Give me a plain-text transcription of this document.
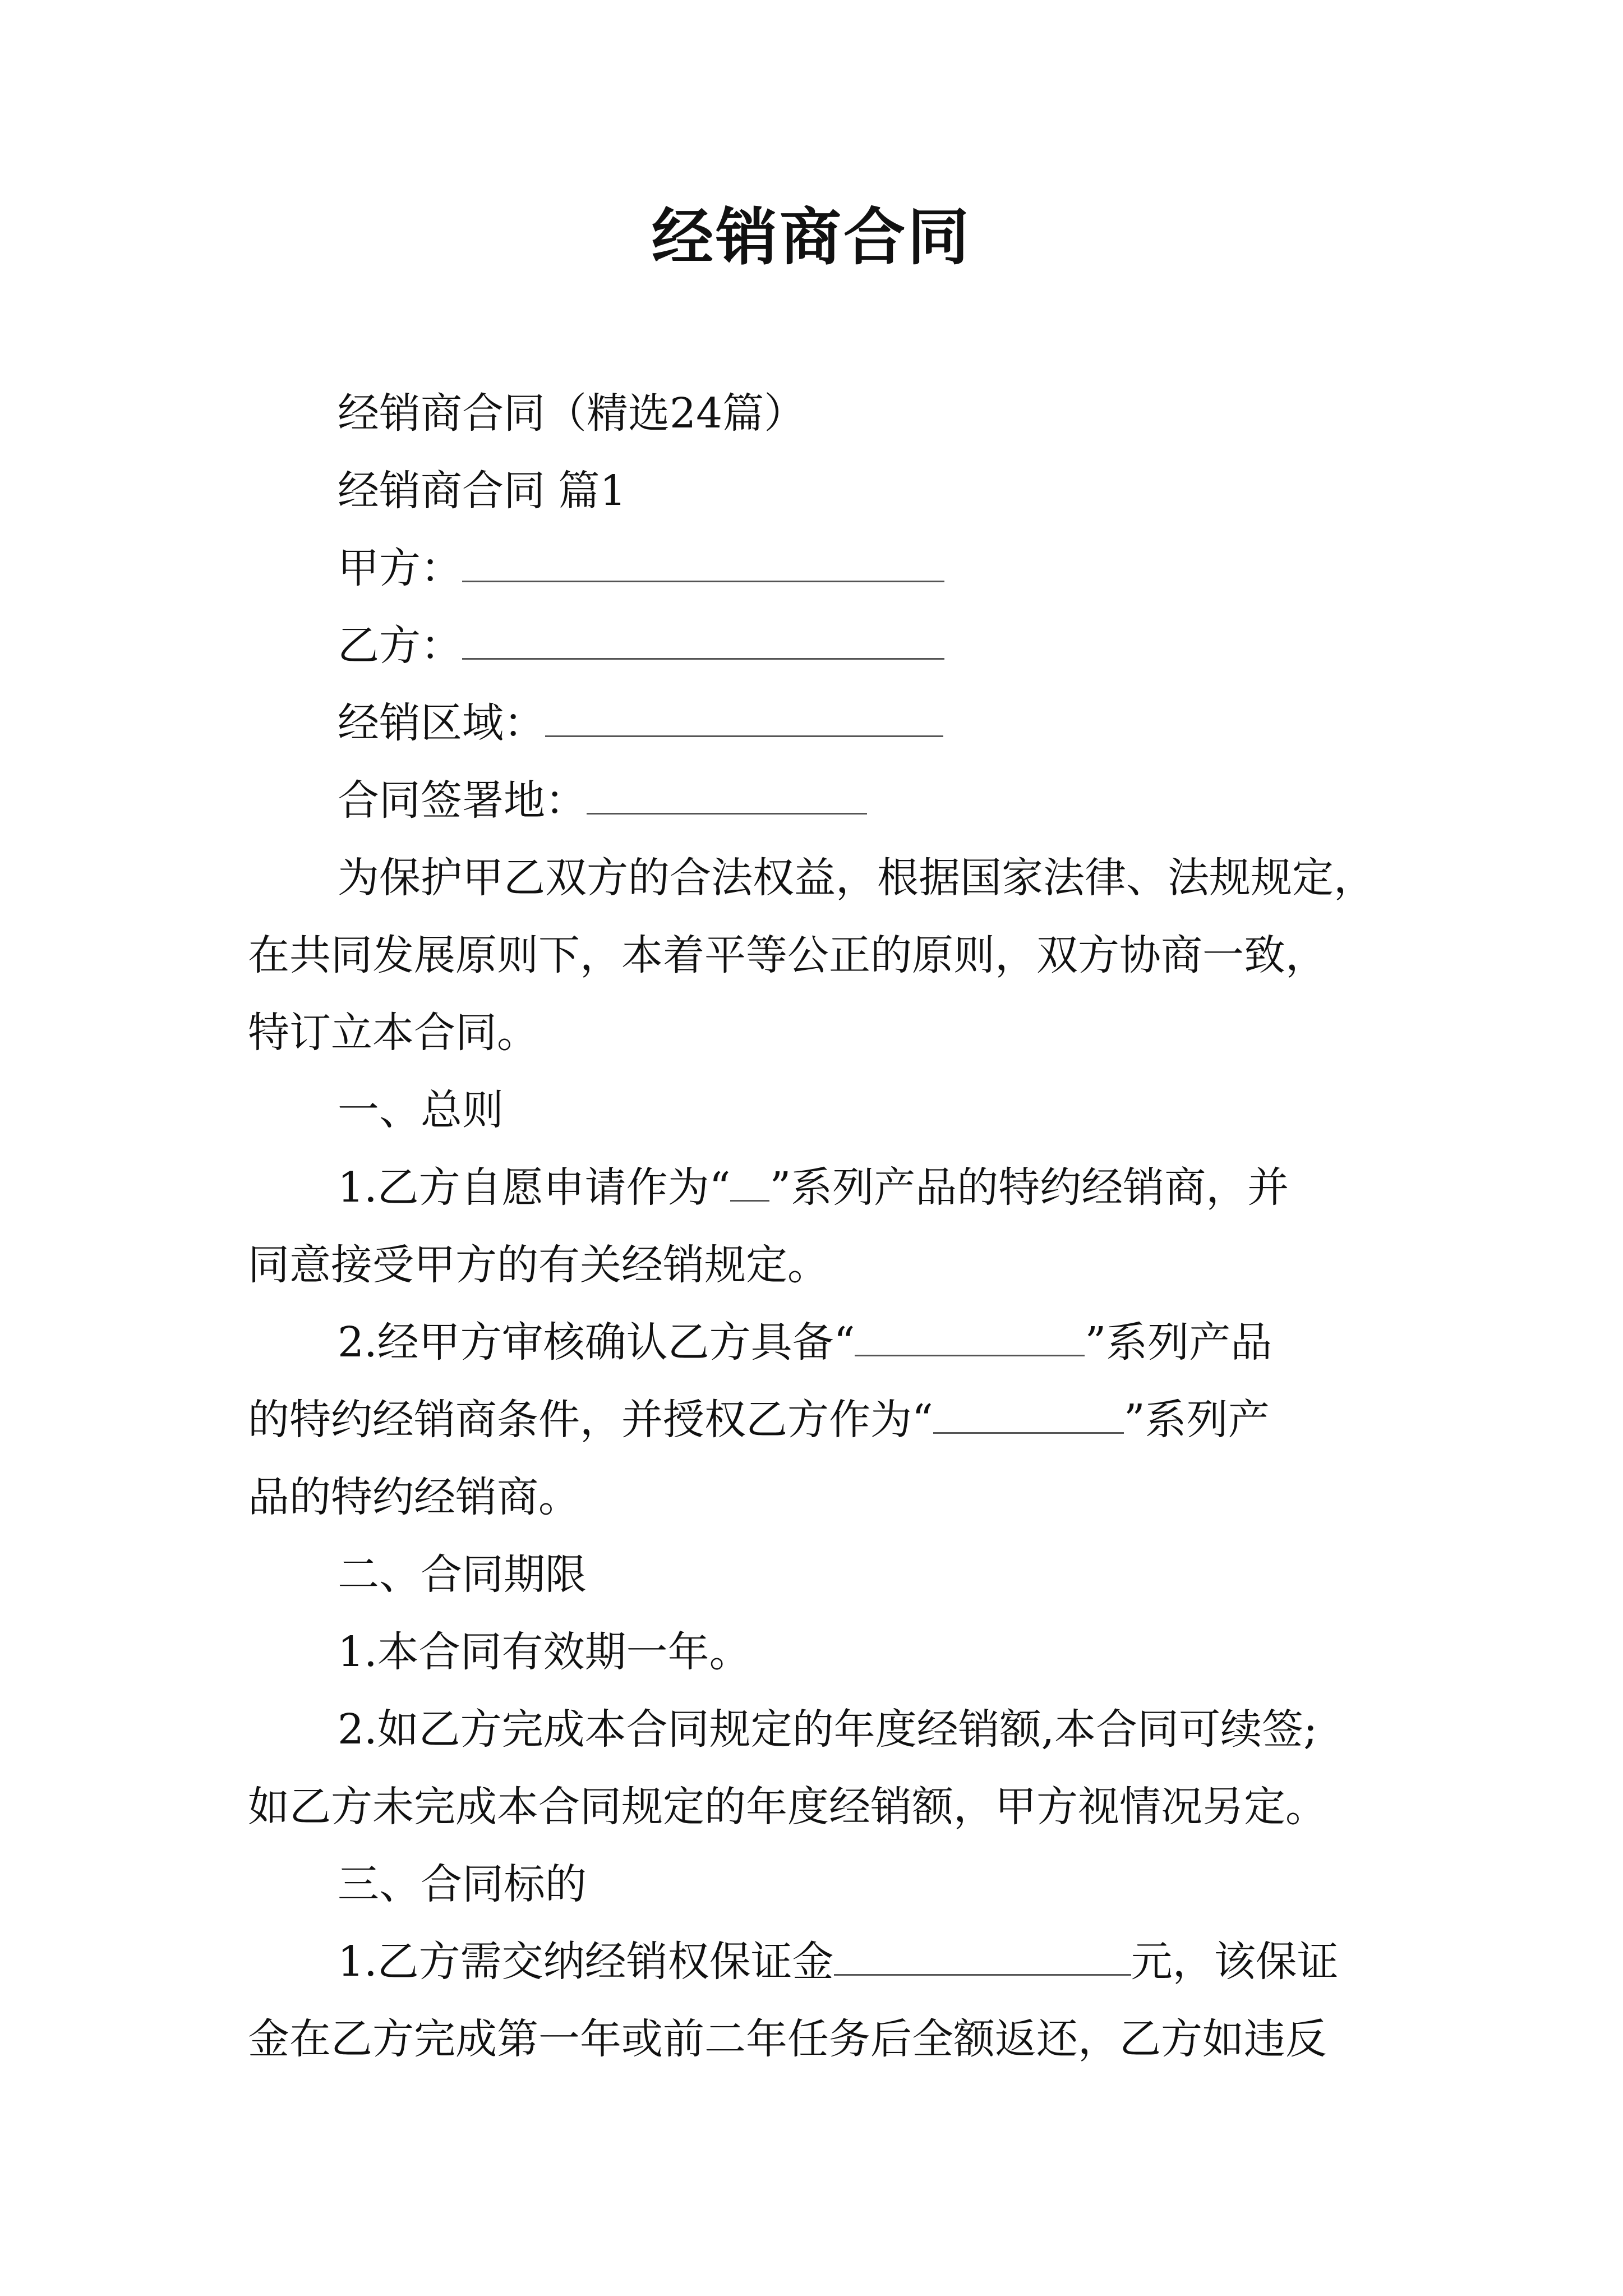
经销商合同
经销商合同（精选24篇）
经销商合同 篇1
甲方：
乙方：
经销区域：
合同签署地：
为保护甲乙双方的合法权益，根据国家法律、法规规定，
在共同发展原则下，本着平等公正的原则，双方协商一致，
特订立本合同。
一、总则
1.乙方自愿申请作为“ ”系列产品的特约经销商，并
同意接受甲方的有关经销规定。
2.经甲方审核确认乙方具备“	”系列产品
的特约经销商条件，并授权乙方作为“	”系列产
品的特约经销商。
二、合同期限
1.本合同有效期一年。
2.如乙方完成本合同规定的年度经销额,本合同可续签;
如乙方未完成本合同规定的年度经销额，甲方视情况另定。
三、合同标的
1.乙方需交纳经销权保证金	元，该保证
金在乙方完成第一年或前二年任务后全额返还，乙方如违反
